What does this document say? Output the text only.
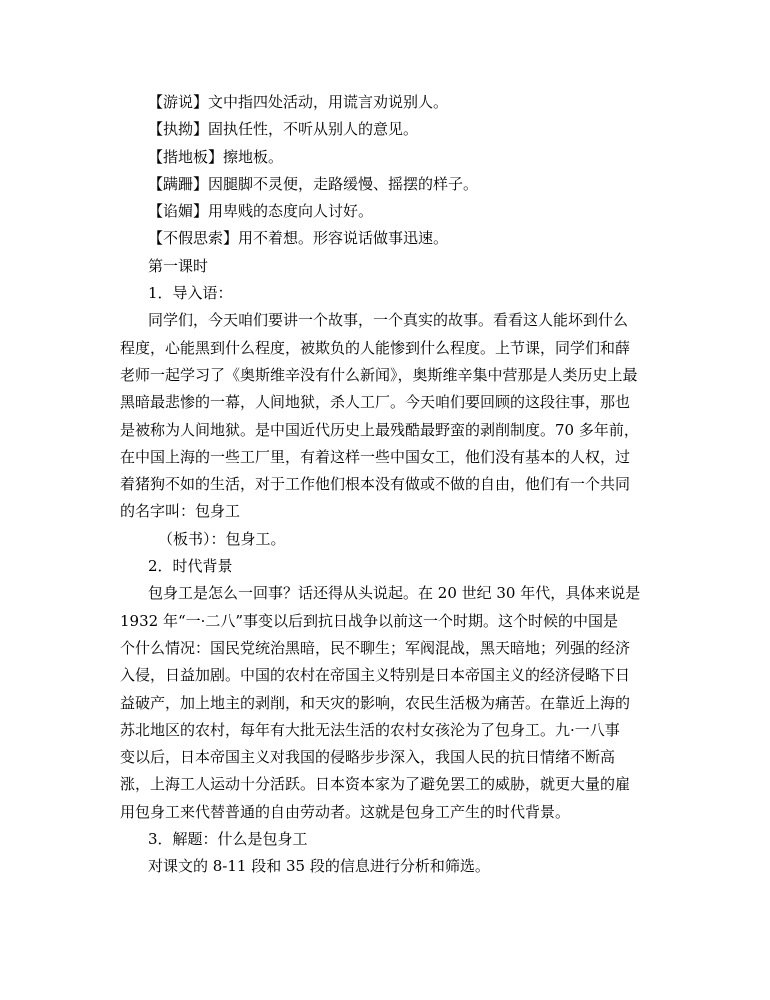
【游说】文中指四处活动，用谎言劝说别人。

【执拗】固执任性，不听从别人的意见。

【揩地板】擦地板。

【蹒跚】因腿脚不灵便，走路缓慢、摇摆的样子。

【谄媚】用卑贱的态度向人讨好。

【不假思索】用不着想。形容说话做事迅速。

第一课时

1．导入语：

同学们，今天咱们要讲一个故事，一个真实的故事。看看这人能坏到什么

程度，心能黑到什么程度，被欺负的人能惨到什么程度。上节课，同学们和薛

老师一起学习了《奥斯维辛没有什么新闻》，奥斯维辛集中营那是人类历史上最

黑暗最悲惨的一幕，人间地狱，杀人工厂。今天咱们要回顾的这段往事，那也

是被称为人间地狱。是中国近代历史上最残酷最野蛮的剥削制度。70 多年前，

在中国上海的一些工厂里，有着这样一些中国女工，他们没有基本的人权，过

着猪狗不如的生活，对于工作他们根本没有做或不做的自由，他们有一个共同

的名字叫：包身工

（板书）：包身工。

2．时代背景

包身工是怎么一回事？话还得从头说起。在 20 世纪 30 年代，具体来说是

1932 年“一·二八”事变以后到抗日战争以前这一个时期。这个时候的中国是

个什么情况：国民党统治黑暗，民不聊生；军阀混战，黑天暗地；列强的经济

入侵，日益加剧。中国的农村在帝国主义特别是日本帝国主义的经济侵略下日

益破产，加上地主的剥削，和天灾的影响，农民生活极为痛苦。在靠近上海的

苏北地区的农村，每年有大批无法生活的农村女孩沦为了包身工。九·一八事

变以后，日本帝国主义对我国的侵略步步深入，我国人民的抗日情绪不断高

涨，上海工人运动十分活跃。日本资本家为了避免罢工的威胁，就更大量的雇

用包身工来代替普通的自由劳动者。这就是包身工产生的时代背景。

3．解题：什么是包身工

对课文的 8-11 段和 35 段的信息进行分析和筛选。
